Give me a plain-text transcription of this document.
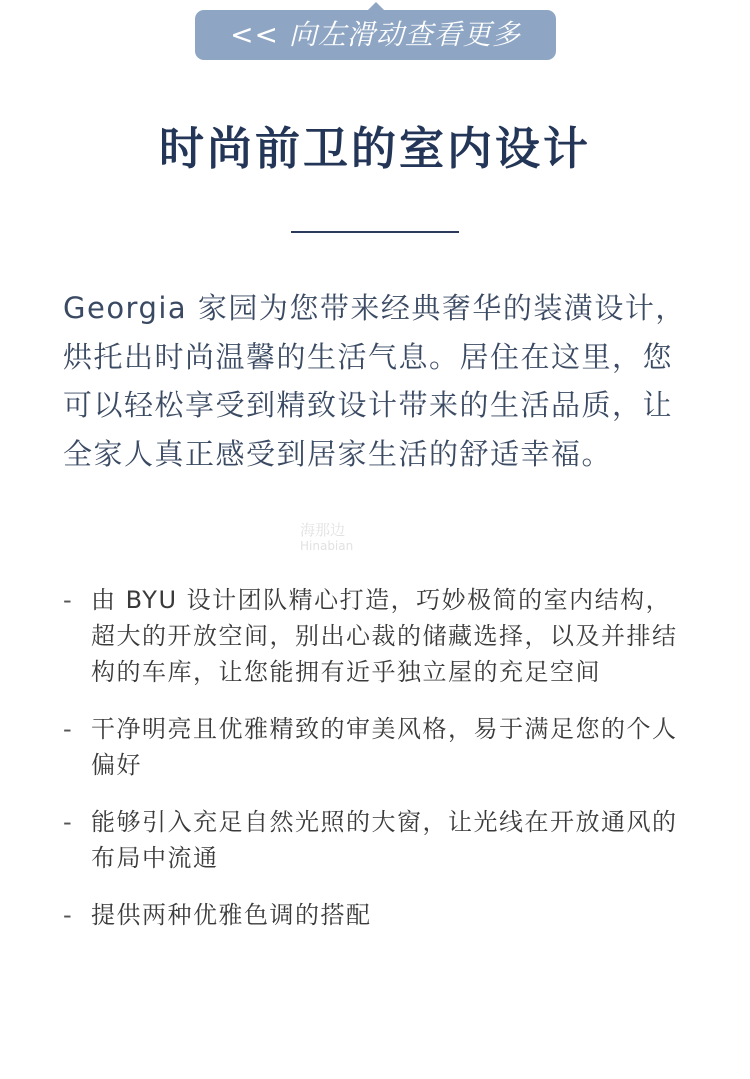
<< 向左滑动查看更多
时尚前卫的室内设计

Georgia 家园为您带来经典奢华的装潢设计，烘托出时尚温馨的生活气息。居住在这里，您可以轻松享受到精致设计带来的生活品质，让全家人真正感受到居家生活的舒适幸福。

海那边
Hinabian
- 由 BYU 设计团队精心打造，巧妙极简的室内结构，超大的开放空间，别出心裁的储藏选择，以及并排结构的车库，让您能拥有近乎独立屋的充足空间
- 干净明亮且优雅精致的审美风格，易于满足您的个人偏好
- 能够引入充足自然光照的大窗，让光线在开放通风的布局中流通
- 提供两种优雅色调的搭配
